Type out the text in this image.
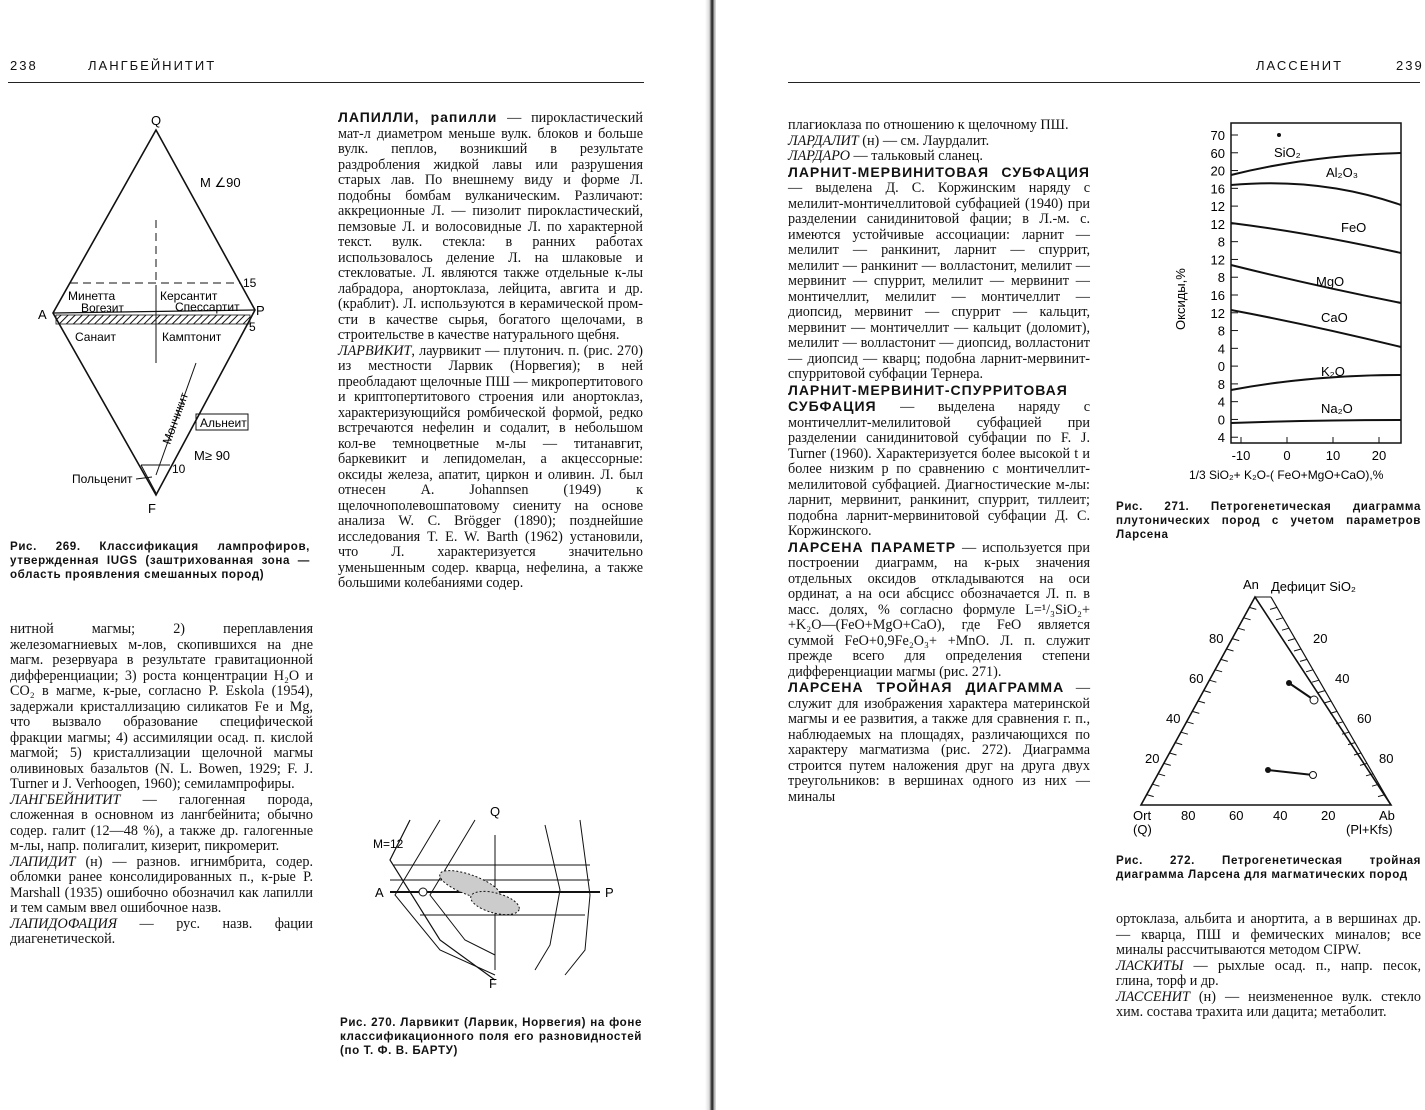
238	ЛАНГБЕЙНИТИТ
Q
A	P
F
M ∠90
15
5
10
M≥ 90
Минетта
Вогезит
Керсантит
Спессартит
Санаит	Камптонит
Мончикит Альнеит
Польценит
Рис. 269. Классификация лампрофиров, утвержденная IUGS (заштрихованная зона — область проявления смешанных пород)

нитной магмы; 2) переплавления железомагниевых м-лов, скопившихся на дне магм. резервуара в результате гравитационной дифференциации; 3) роста концентрации H₂O и CO₂ в магме, к-рые, согласно P. Eskola (1954), задержали кристаллизацию силикатов Fe и Mg, что вызвало образование специфической фракции магмы; 4) ассимиляции осад. п. кислой магмой; 5) кристаллизации щелочной магмы оливиновых базальтов (N. L. Bowen, 1929; F. J. Turner и J. Verhoogen, 1960); семилампрофиры.

ЛАНГБЕЙНИТИТ — галогенная порода, сложенная в основном из лангбейнита; обычно содер. галит (12—48 %), а также др. галогенные м-лы, напр. полигалит, кизерит, пикромерит.

ЛАПИДИТ (н) — разнов. игнимбрита, содер. обломки ранее консолидированных п., к-рые P. Marshall (1935) ошибочно обозначил как лапилли и тем самым ввел ошибочное назв.

ЛАПИДОФАЦИЯ — рус. назв. фации диагенетической.

ЛАПИЛЛИ, рапилли — пирокластический мат-л диаметром меньше вулк. блоков и больше вулк. пеплов, возникший в результате раздробления жидкой лавы или разрушения старых лав. По внешнему виду и форме Л. подобны бомбам вулканическим. Различают: аккреционные Л. — пизолит пирокластический, пемзовые Л. и волосовидные Л. по характерной текст. вулк. стекла: в ранних работах использовалось деление Л. на шлаковые и стекловатые. Л. являются также отдельные к-лы лабрадора, анортоклаза, лейцита, авгита и др. (краблит). Л. используются в керамической пром-сти в качестве сырья, богатого щелочами, в строительстве в качестве натурального щебня.

ЛАРВИКИТ, лаурвикит — плутонич. п. (рис. 270) из местности Ларвик (Норвегия); в ней преобладают щелочные ПШ — микропертитового и криптопертитового строения или анортоклаз, характеризующийся ромбической формой, редко встречаются нефелин и содалит, в небольшом кол-ве темноцветные м-лы — титанавгит, баркевикит и лепидомелан, а акцессорные: оксиды железа, апатит, циркон и оливин. Л. был отнесен A. Johannsen (1949) к щелочнополевошпатовому сиениту на основе анализа W. C. Brögger (1890); позднейшие исследования T. E. W. Barth (1962) установили, что Л. характеризуется значительно уменьшенным содер. кварца, нефелина, а также большими колебаниями содер.

M=12
Q
A	P
F
Рис. 270. Ларвикит (Ларвик, Норвегия) на фоне классификационного поля его разновидностей (по Т. Ф. В. БАРТУ)
ЛАССЕНИТ	239

плагиоклаза по отношению к щелочному ПШ.

ЛАРДАЛИТ (н) — см. Лаурдалит.

ЛАРДАРО — тальковый сланец.

ЛАРНИТ-МЕРВИНИТОВАЯ СУБФАЦИЯ — выделена Д. С. Коржинским наряду с мелилит-монтичеллитовой субфацией (1940) при разделении санидинитовой фации; в Л.-м. с. имеются устойчивые ассоциации: ларнит — мелилит — ранкинит, ларнит — спуррит, мелилит — ранкинит — волластонит, мелилит — мервинит — спуррит, мелилит — мервинит — монтичеллит, мелилит — монтичеллит — диопсид, мервинит — спуррит — кальцит, мервинит — монтичеллит — кальцит (доломит), мелилит — волластонит — диопсид, волластонит — диопсид — кварц; подобна ларнит-мервинит-спурритовой субфации Тернера.

ЛАРНИТ-МЕРВИНИТ-СПУРРИТОВАЯ СУБФАЦИЯ — выделена наряду с монтичеллит-мелилитовой субфацией при разделении санидинитовой субфации по F. J. Turner (1960). Характеризуется более высокой t и более низким p по сравнению с монтичеллит-мелилитовой субфацией. Диагностические м-лы: ларнит, мервинит, ранкинит, спуррит, тиллеит; подобна ларнит-мервинитовой субфации Д. С. Коржинского.

ЛАРСЕНА ПАРАМЕТР — используется при построении диаграмм, на к-рых значения отдельных оксидов откладываются на оси ординат, а на оси абсцисс обозначается Л. п. в масс. долях, % согласно формуле L=¹/₃SiO₂+ +K₂O—(FeO+MgO+CaO), где FeO является суммой FeO+0,9Fe₂O₃+ +MnO. Л. п. служит прежде всего для определения степени дифференциации магмы (рис. 271).

ЛАРСЕНА ТРОЙНАЯ ДИАГРАММА — служит для изображения характера материнской магмы и ее развития, а также для сравнения г. п., наблюдаемых на площадях, различающихся по характеру магматизма (рис. 272). Диаграмма строится путем наложения друг на друга двух треугольников: в вершинах одного из них — миналы

70
60
20
16
12
12
8
12
8
16
12
8
4
0
8
4
0
4
SiO₂
Al₂O₃
FeO
MgO
CaO
K₂O
Na₂O
-10	0	10 20
Оксиды,%
1/3 SiO₂+ K₂O-( FeO+MgO+CaO),%
Рис. 271. Петрогенетическая диаграмма плутонических пород с учетом параметров Ларсена
An Дефицит SiO₂
Ort
(Q)
Ab
(Pl+Kfs)
80
60
40
20
20
40
60
80
80	60 40	20
Рис. 272. Петрогенетическая тройная диаграмма Ларсена для магматических пород

ортоклаза, альбита и анортита, а в вершинах др. — кварца, ПШ и фемических миналов; все миналы рассчитываются методом CIPW.

ЛАСКИТЫ — рыхлые осад. п., напр. песок, глина, торф и др.

ЛАССЕНИТ (н) — неизмененное вулк. стекло хим. состава трахита или дацита; метаболит.
